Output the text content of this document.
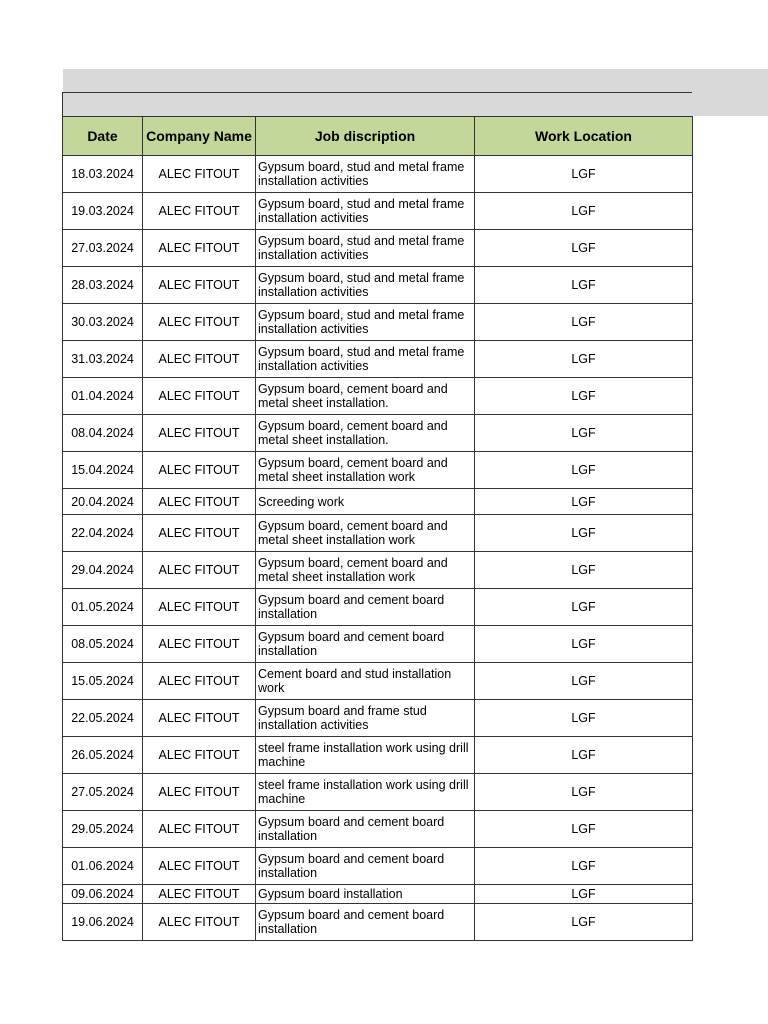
Date	Company Name	Job discription	Work Location
18.03.2024	ALEC FITOUT	Gypsum board, stud and metal frame installation activities	LGF
19.03.2024	ALEC FITOUT	Gypsum board, stud and metal frame installation activities	LGF
27.03.2024	ALEC FITOUT	Gypsum board, stud and metal frame installation activities	LGF
28.03.2024	ALEC FITOUT	Gypsum board, stud and metal frame installation activities	LGF
30.03.2024	ALEC FITOUT	Gypsum board, stud and metal frame installation activities	LGF
31.03.2024	ALEC FITOUT	Gypsum board, stud and metal frame installation activities	LGF
01.04.2024	ALEC FITOUT	Gypsum board, cement board and metal sheet installation.	LGF
08.04.2024	ALEC FITOUT	Gypsum board, cement board and metal sheet installation.	LGF
15.04.2024	ALEC FITOUT	Gypsum board, cement board and metal sheet installation work	LGF
20.04.2024	ALEC FITOUT	Screeding work	LGF
22.04.2024	ALEC FITOUT	Gypsum board, cement board and metal sheet installation work	LGF
29.04.2024	ALEC FITOUT	Gypsum board, cement board and metal sheet installation work	LGF
01.05.2024	ALEC FITOUT	Gypsum board and cement board installation	LGF
08.05.2024	ALEC FITOUT	Gypsum board and cement board installation	LGF
15.05.2024	ALEC FITOUT	Cement board and stud installation work	LGF
22.05.2024	ALEC FITOUT	Gypsum board and frame stud installation activities	LGF
26.05.2024	ALEC FITOUT	steel frame installation work using drill machine	LGF
27.05.2024	ALEC FITOUT	steel frame installation work using drill machine	LGF
29.05.2024	ALEC FITOUT	Gypsum board and cement board installation	LGF
01.06.2024	ALEC FITOUT	Gypsum board and cement board installation	LGF
09.06.2024	ALEC FITOUT	Gypsum board installation	LGF
19.06.2024	ALEC FITOUT	Gypsum board and cement board installation	LGF
